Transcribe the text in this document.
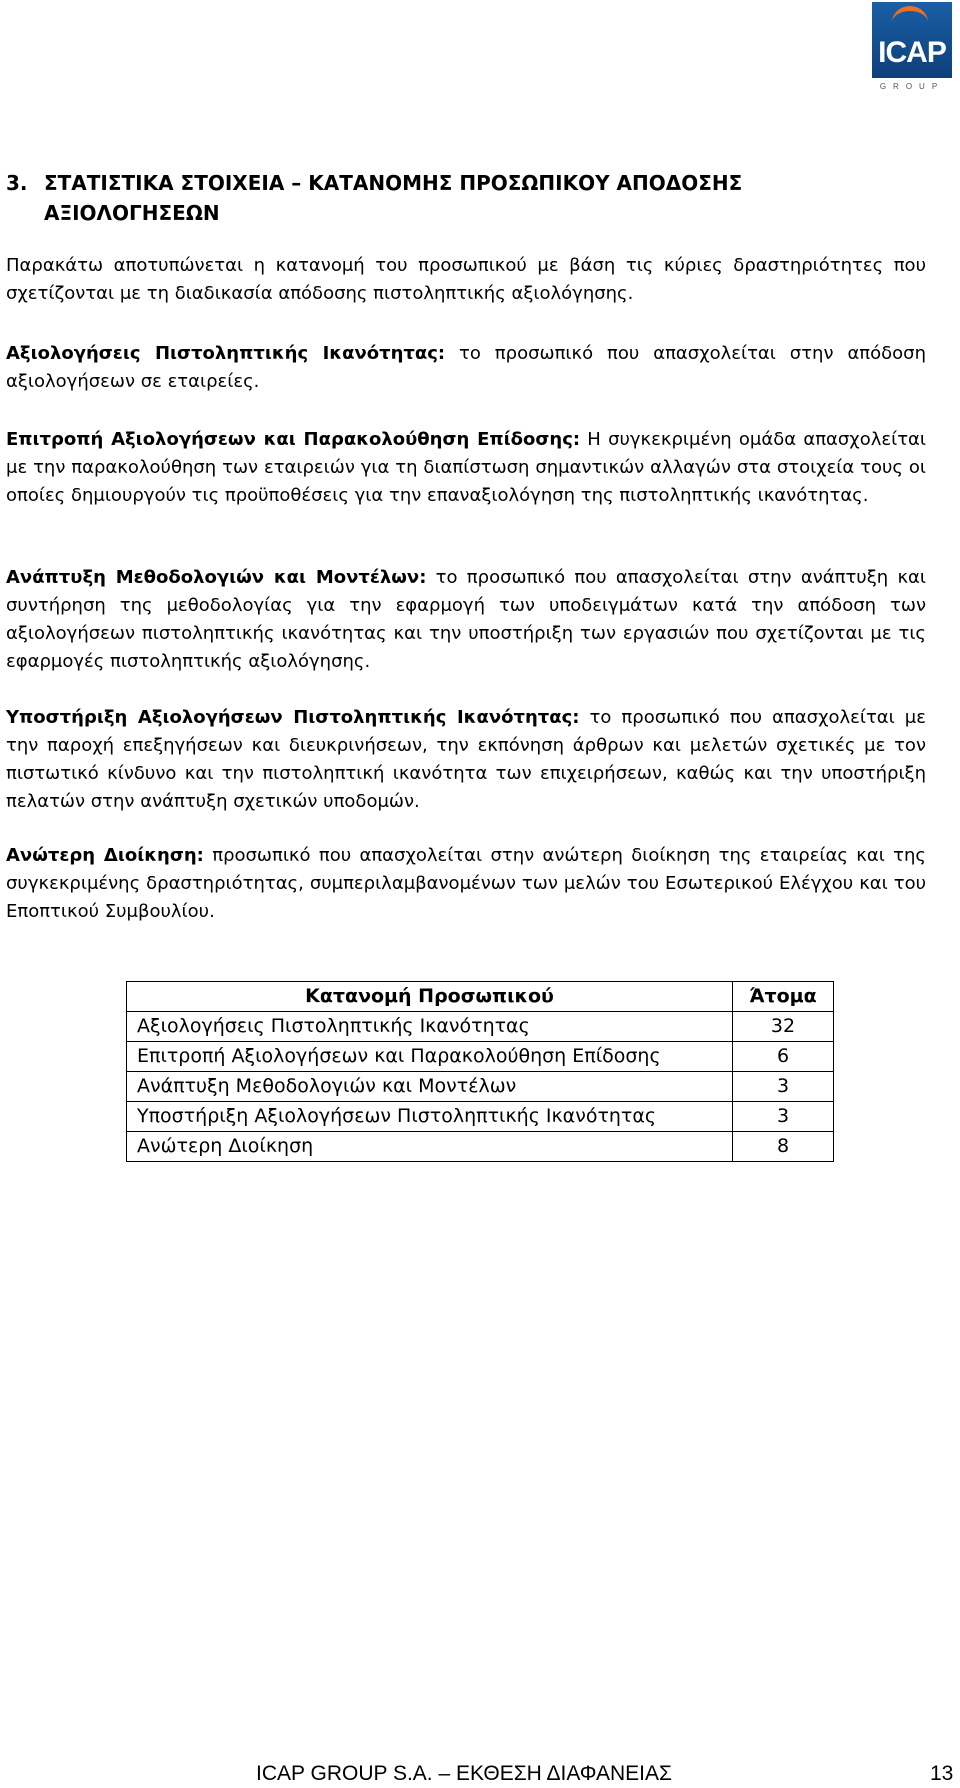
ICAP
GROUP
3. ΣΤΑΤΙΣΤΙΚΑ ΣΤΟΙΧΕΙΑ – ΚΑΤΑΝΟΜΗΣ ΠΡΟΣΩΠΙΚΟΥ ΑΠΟΔΟΣΗΣ ΑΞΙΟΛΟΓΗΣΕΩΝ

Παρακάτω αποτυπώνεται η κατανομή του προσωπικού με βάση τις κύριες δραστηριότητες που σχετίζονται με τη διαδικασία απόδοσης πιστοληπτικής αξιολόγησης.

Αξιολογήσεις Πιστοληπτικής Ικανότητας: το προσωπικό που απασχολείται στην απόδοση αξιολογήσεων σε εταιρείες.

Επιτροπή Αξιολογήσεων και Παρακολούθηση Επίδοσης: Η συγκεκριμένη ομάδα απασχολείται με την παρακολούθηση των εταιρειών για τη διαπίστωση σημαντικών αλλαγών στα στοιχεία τους οι οποίες δημιουργούν τις προϋποθέσεις για την επαναξιολόγηση της πιστοληπτικής ικανότητας.

Ανάπτυξη Μεθοδολογιών και Μοντέλων: το προσωπικό που απασχολείται στην ανάπτυξη και συντήρηση της μεθοδολογίας για την εφαρμογή των υποδειγμάτων κατά την απόδοση των αξιολογήσεων πιστοληπτικής ικανότητας και την υποστήριξη των εργασιών που σχετίζονται με τις εφαρμογές πιστοληπτικής αξιολόγησης.

Υποστήριξη Αξιολογήσεων Πιστοληπτικής Ικανότητας: το προσωπικό που απασχολείται με την παροχή επεξηγήσεων και διευκρινήσεων, την εκπόνηση άρθρων και μελετών σχετικές με τον πιστωτικό κίνδυνο και την πιστοληπτική ικανότητα των επιχειρήσεων, καθώς και την υποστήριξη πελατών στην ανάπτυξη σχετικών υποδομών.

Ανώτερη Διοίκηση: προσωπικό που απασχολείται στην ανώτερη διοίκηση της εταιρείας και της συγκεκριμένης δραστηριότητας, συμπεριλαμβανομένων των μελών του Εσωτερικού Ελέγχου και του Εποπτικού Συμβουλίου.

Κατανομή Προσωπικού	Άτομα
Αξιολογήσεις Πιστοληπτικής Ικανότητας	32
Επιτροπή Αξιολογήσεων και Παρακολούθηση Επίδοσης	6
Ανάπτυξη Μεθοδολογιών και Μοντέλων	3
Υποστήριξη Αξιολογήσεων Πιστοληπτικής Ικανότητας	3
Ανώτερη Διοίκηση	8
ICAP GROUP S.A. – ΕΚΘΕΣΗ ΔΙΑΦΑΝΕΙΑΣ	13
